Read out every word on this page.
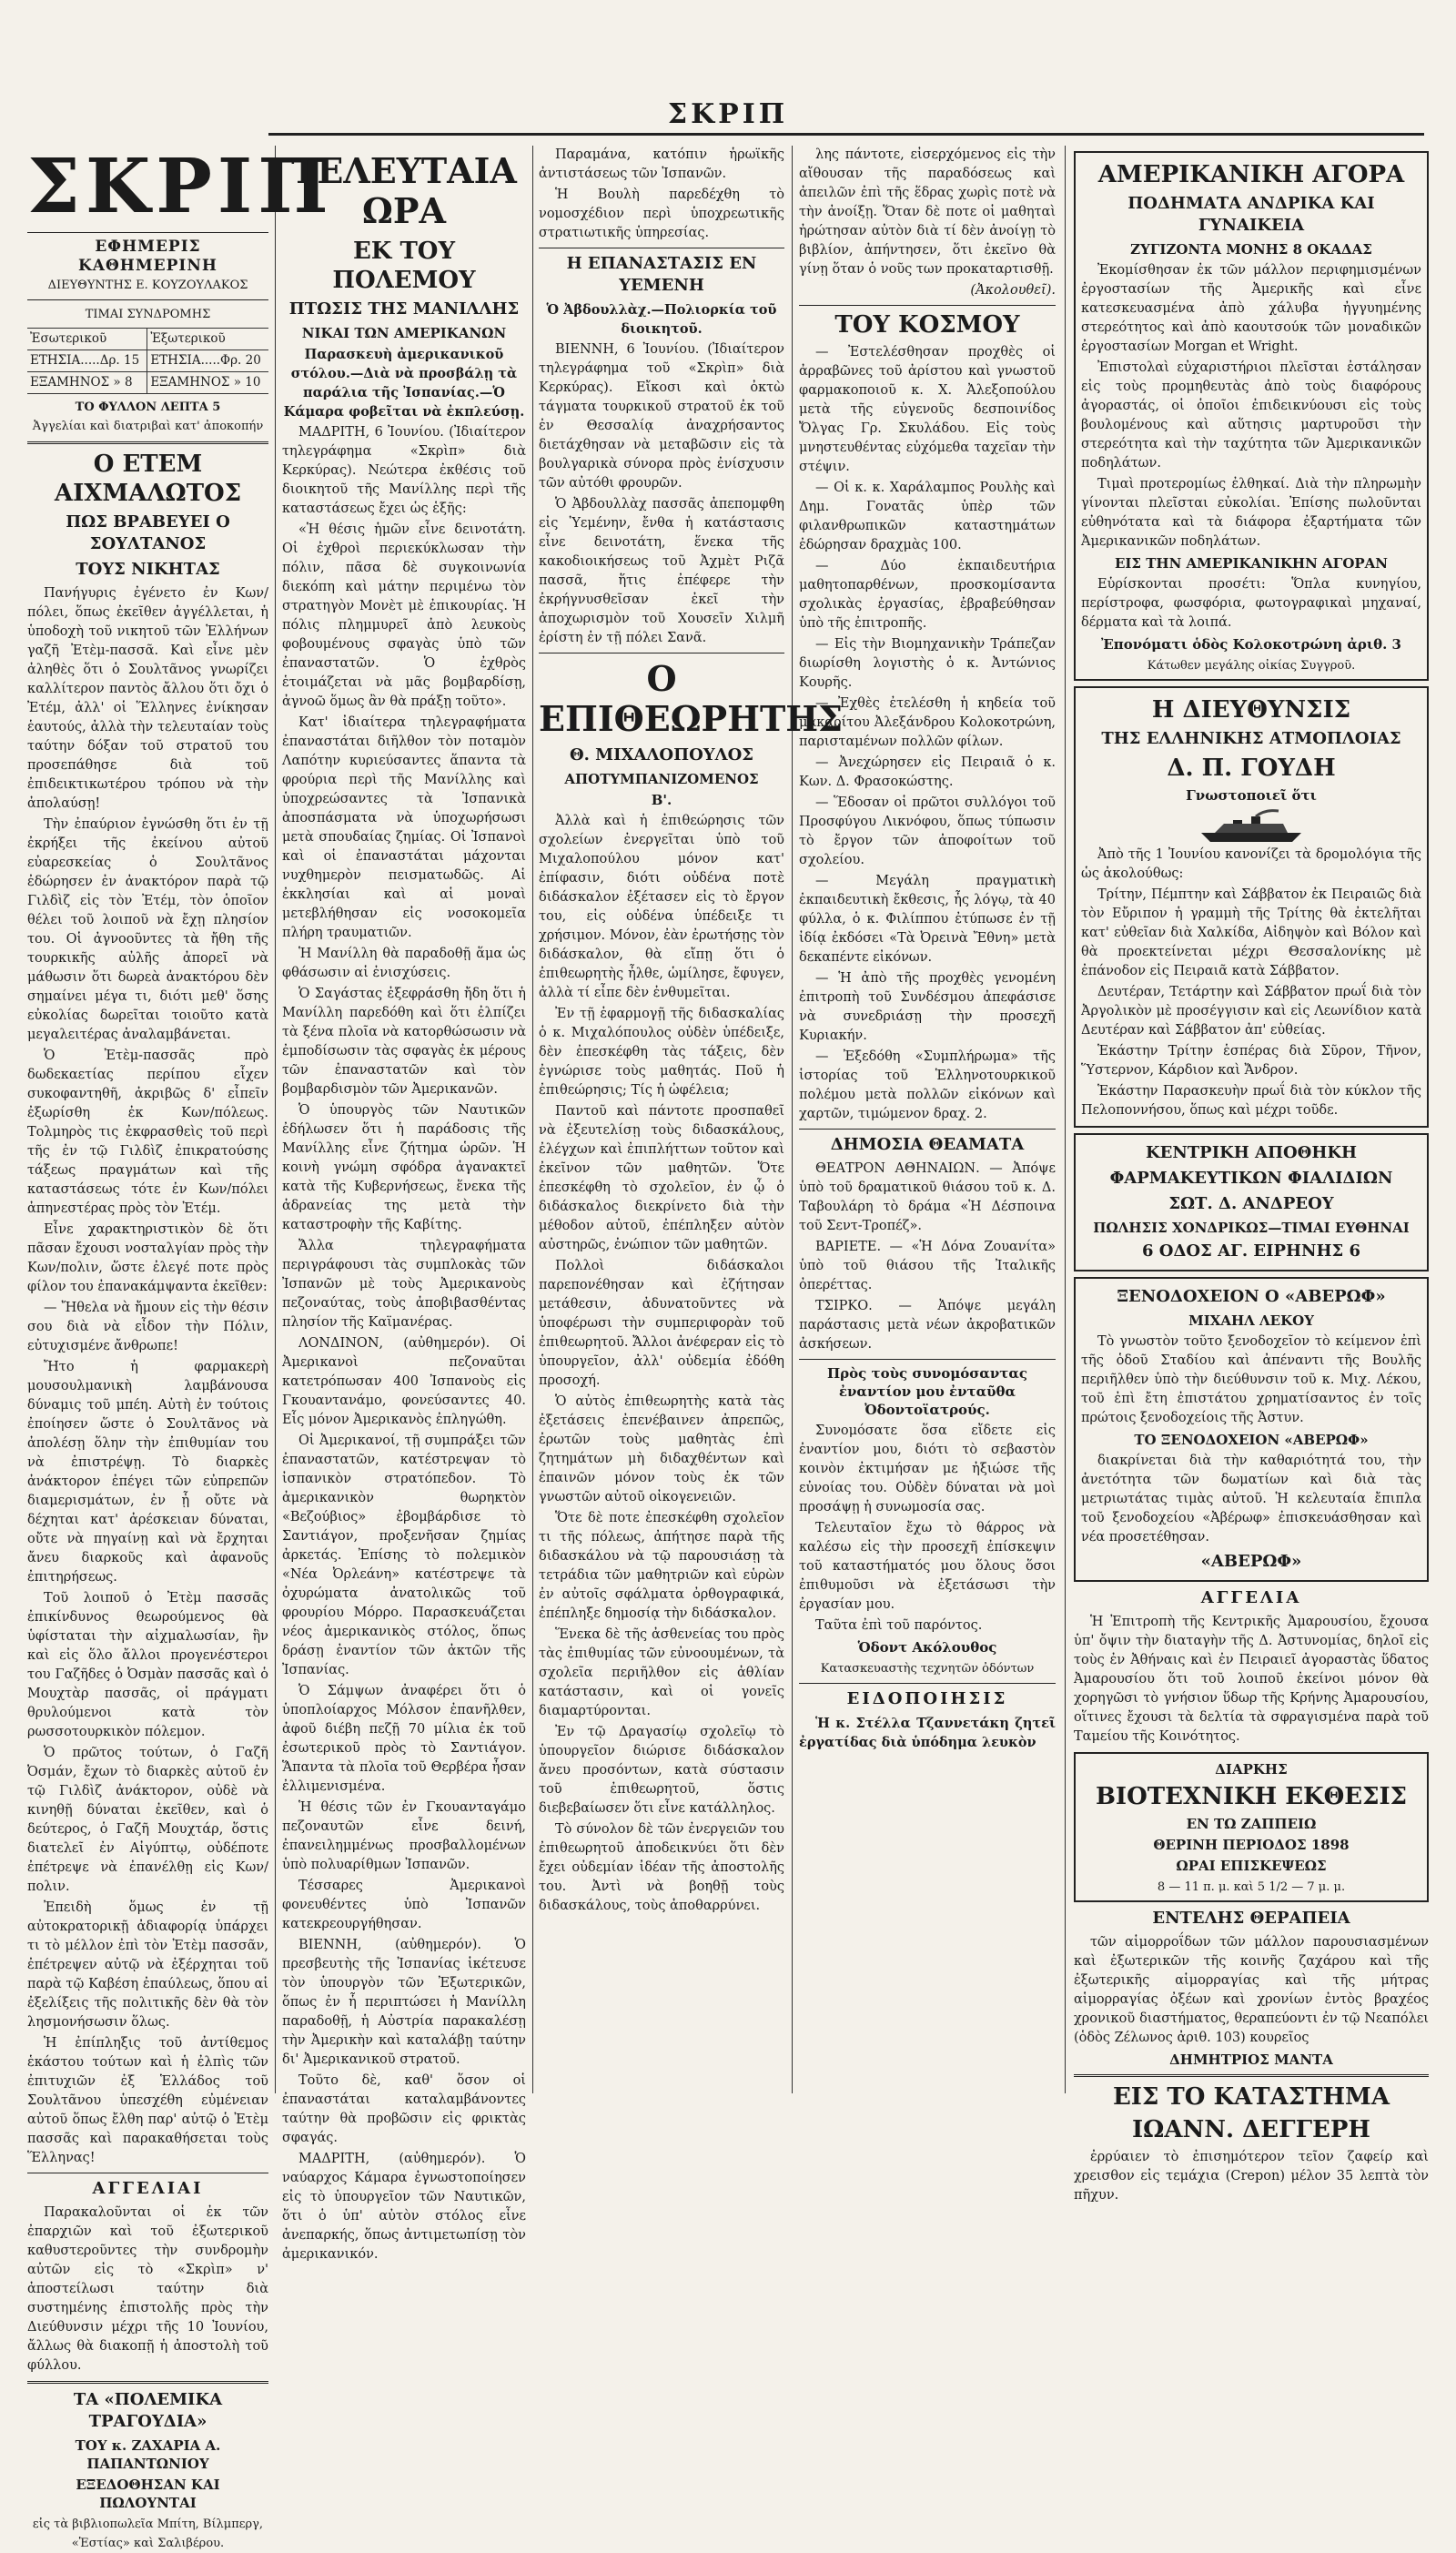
ΣΚΡΙΠ
ΣΚΡΙΠ
ΕΦΗΜΕΡΙΣ ΚΑΘΗΜΕΡΙΝΗ
ΔΙΕΥΘΥΝΤΗΣ Ε. ΚΟΥΖΟΥΛΑΚΟΣ
ΤΙΜΑΙ ΣΥΝΔΡΟΜΗΣ
Ἐσωτερικοῦ	Ἐξωτερικοῦ
ΕΤΗΣΙΑ.....Δρ. 15	ΕΤΗΣΙΑ.....Φρ. 20
ΕΞΑΜΗΝΟΣ » 8	ΕΞΑΜΗΝΟΣ » 10
ΤΟ ΦΥΛΛΟΝ ΛΕΠΤΑ 5
Ἀγγελίαι καὶ διατριβαὶ κατ' ἀποκοπήν
Ο ΕΤΕΜ ΑΙΧΜΑΛΩΤΟΣ
ΠΩΣ ΒΡΑΒΕΥΕΙ Ο ΣΟΥΛΤΑΝΟΣ
ΤΟΥΣ ΝΙΚΗΤΑΣ

Πανήγυρις ἐγένετο ἐν Κων/πόλει, ὅπως ἐκεῖθεν ἀγγέλλεται, ἡ ὑποδοχὴ τοῦ νικητοῦ τῶν Ἑλλήνων γαζῆ Ἐτὲμ-πασσᾶ. Καὶ εἶνε μὲν ἀληθὲς ὅτι ὁ Σουλτᾶνος γνωρίζει καλλίτερον παντὸς ἄλλου ὅτι ὄχι ὁ Ἐτέμ, ἀλλ' οἱ Ἕλληνες ἐνίκησαν ἑαυτούς, ἀλλὰ τὴν τελευταίαν τοὺς ταύτην δόξαν τοῦ στρατοῦ του προσεπάθησε διὰ τοῦ ἐπιδεικτικωτέρου τρόπου νὰ τὴν ἀπολαύσῃ!

Τὴν ἐπαύριον ἐγνώσθη ὅτι ἐν τῇ ἐκρήξει τῆς ἐκείνου αὐτοῦ εὐαρεσκείας ὁ Σουλτᾶνος ἐδώρησεν ἐν ἀνακτόρον παρὰ τῷ Γιλδὶζ εἰς τὸν Ἐτέμ, τὸν ὁποῖον θέλει τοῦ λοιποῦ νὰ ἔχῃ πλησίον του. Οἱ ἀγνοοῦντες τὰ ἤθη τῆς τουρκικῆς αὐλῆς ἀπορεῖ νὰ μάθωσιν ὅτι δωρεὰ ἀνακτόρου δὲν σημαίνει μέγα τι, διότι μεθ' ὅσης εὐκολίας δωρεῖται τοιοῦτο κατὰ μεγαλειτέρας ἀναλαμβάνεται.

Ὁ Ἐτὲμ-πασσᾶς πρὸ δωδεκαετίας περίπου εἶχεν συκοφαντηθῆ, ἀκριβῶς δ' εἶπεῖν ἐξωρίσθη ἐκ Κων/πόλεως. Τολμηρὸς τις ἐκφρασθεὶς τοῦ περὶ τῆς ἐν τῷ Γιλδὶζ ἐπικρατούσης τάξεως πραγμάτων καὶ τῆς καταστάσεως τότε ἐν Κων/πόλει ἀπηνεστέρας πρὸς τὸν Ἐτέμ.

Εἶνε χαρακτηριστικὸν δὲ ὅτι πᾶσαν ἔχουσι νοσταλγίαν πρὸς τὴν Κων/πολιν, ὥστε ἐλεγέ ποτε πρὸς φίλον του ἐπανακάμψαντα ἐκεῖθεν:

— Ἤθελα νὰ ἤμουν εἰς τὴν θέσιν σου διὰ νὰ εἶδον τὴν Πόλιν, εὐτυχισμένε ἄνθρωπε!

Ἤτο ἡ φαρμακερὴ μουσουλμανικὴ λαμβάνουσα δύναμις τοῦ μπέη. Αὐτὴ ἐν τούτοις ἐποίησεν ὥστε ὁ Σουλτᾶνος νὰ ἀπολέσῃ ὅλην τὴν ἐπιθυμίαν του νὰ ἐπιστρέψῃ. Τὸ διαρκὲς ἀνάκτορον ἐπέγει τῶν εὐπρεπῶν διαμερισμάτων, ἐν ᾗ οὔτε νὰ δέχηται κατ' ἀρέσκειαν δύναται, οὔτε νὰ πηγαίνῃ καὶ νὰ ἔρχηται ἄνευ διαρκοῦς καὶ ἀφανοῦς ἐπιτηρήσεως.

Τοῦ λοιποῦ ὁ Ἐτὲμ πασσᾶς ἐπικίνδυνος θεωρούμενος θὰ ὑφίσταται τὴν αἰχμαλωσίαν, ἣν καὶ εἰς ὅλο ἄλλοι προγενέστεροι του Γαζῆδες ὁ Ὀσμὰν πασσᾶς καὶ ὁ Μουχτὰρ πασσᾶς, οἱ πράγματι θρυλούμενοι κατὰ τὸν ρωσσοτουρκικὸν πόλεμον.

Ὁ πρῶτος τούτων, ὁ Γαζῆ Ὀσμάν, ἔχων τὸ διαρκὲς αὐτοῦ ἐν τῷ Γιλδὶζ ἀνάκτορον, οὐδὲ νὰ κινηθῇ δύναται ἐκεῖθεν, καὶ ὁ δεύτερος, ὁ Γαζῆ Μουχτάρ, ὅστις διατελεῖ ἐν Αἰγύπτῳ, οὐδέποτε ἐπέτρεψε νὰ ἐπανέλθῃ εἰς Κων/πολιν.

Ἐπειδὴ ὅμως ἐν τῇ αὐτοκρατορικῇ ἀδιαφορίᾳ ὑπάρχει τι τὸ μέλλον ἐπὶ τὸν Ἐτὲμ πασσᾶν, ἐπέτρεψεν αὐτῷ νὰ ἐξέρχηται τοῦ παρὰ τῷ Καβέση ἐπαύλεως, ὅπου αἱ ἐξελίξεις τῆς πολιτικῆς δὲν θὰ τὸν λησμονήσωσιν ὅλως.

Ἡ ἐπίπληξις τοῦ ἀντίθεμος ἑκάστου τούτων καὶ ἡ ἐλπὶς τῶν ἐπιτυχιῶν ἐξ Ἑλλάδος τοῦ Σουλτᾶνου ὑπεσχέθη εὐμένειαν αὐτοῦ ὅπως ἔλθη παρ' αὐτῷ ὁ Ἐτὲμ πασσᾶς καὶ παρακαθήσεται τοὺς Ἕλληνας!

ΑΓΓΕΛΙΑΙ

Παρακαλοῦνται οἱ ἐκ τῶν ἐπαρχιῶν καὶ τοῦ ἐξωτερικοῦ καθυστεροῦντες τὴν συνδρομὴν αὐτῶν εἰς τὸ «Σκρὶπ» ν' ἀποστείλωσι ταύτην διὰ συστημένης ἐπιστολῆς πρὸς τὴν Διεύθυνσιν μέχρι τῆς 10 Ἰουνίου, ἄλλως θὰ διακοπῇ ἡ ἀποστολὴ τοῦ φύλλου.

ΤΑ «ΠΟΛΕΜΙΚΑ ΤΡΑΓΟΥΔΙΑ»
ΤΟΥ κ. ΖΑΧΑΡΙΑ Α. ΠΑΠΑΝΤΩΝΙΟΥ
ΕΞΕΔΟΘΗΣΑΝ ΚΑΙ ΠΩΛΟΥΝΤΑΙ
εἰς τὰ βιβλιοπωλεῖα Μπίτη, Βίλμπεργ, «Ἑστίας» καὶ Σαλιβέρου.
ΤΕΛΕΥΤΑΙΑ ΩΡΑ
ΕΚ ΤΟΥ ΠΟΛΕΜΟΥ
ΠΤΩΣΙΣ ΤΗΣ ΜΑΝΙΛΛΗΣ
ΝΙΚΑΙ ΤΩΝ ΑΜΕΡΙΚΑΝΩΝ

Παρασκευὴ ἀμερικανικοῦ στόλου.—Διὰ νὰ προσβάλῃ τὰ παράλια τῆς Ἰσπανίας.—Ὁ Κάμαρα φοβεῖται νὰ ἐκπλεύσῃ.

ΜΑΔΡΙΤΗ, 6 Ἰουνίου. (Ἰδιαίτερον τηλεγράφημα «Σκρὶπ» διὰ Κερκύρας). Νεώτερα ἐκθέσις τοῦ διοικητοῦ τῆς Μανίλλης περὶ τῆς καταστάσεως ἔχει ὡς ἑξῆς:

«Ἡ θέσις ἡμῶν εἶνε δεινοτάτη. Οἱ ἐχθροὶ περιεκύκλωσαν τὴν πόλιν, πᾶσα δὲ συγκοινωνία διεκόπη καὶ μάτην περιμένω τὸν στρατηγὸν Μονὲτ μὲ ἐπικουρίας. Ἡ πόλις πλημμυρεῖ ἀπὸ λευκοὺς φοβουμένους σφαγὰς ὑπὸ τῶν ἐπαναστατῶν. Ὁ ἐχθρὸς ἑτοιμάζεται νὰ μᾶς βομβαρδίσῃ, ἀγνοῶ ὅμως ἂν θὰ πράξῃ τοῦτο».

Κατ' ἰδιαίτερα τηλεγραφήματα ἐπαναστάται διῆλθον τὸν ποταμὸν Λαπότην κυριεύσαντες ἅπαντα τὰ φρούρια περὶ τῆς Μανίλλης καὶ ὑποχρεώσαντες τὰ Ἰσπανικὰ ἀποσπάσματα νὰ ὑποχωρήσωσι μετὰ σπουδαίας ζημίας. Οἱ Ἰσπανοὶ καὶ οἱ ἐπαναστάται μάχονται νυχθημερὸν πεισματωδῶς. Αἱ ἐκκλησίαι καὶ αἱ μοναὶ μετεβλήθησαν εἰς νοσοκομεῖα πλήρη τραυματιῶν.

Ἡ Μανίλλη θὰ παραδοθῇ ἅμα ὡς φθάσωσιν αἱ ἐνισχύσεις.

Ὁ Σαγάστας ἐξεφράσθη ἤδη ὅτι ἡ Μανίλλη παρεδόθη καὶ ὅτι ἐλπίζει τὰ ξένα πλοῖα νὰ κατορθώσωσιν νὰ ἐμποδίσωσιν τὰς σφαγὰς ἐκ μέρους τῶν ἐπαναστατῶν καὶ τὸν βομβαρδισμὸν τῶν Ἀμερικανῶν.

Ὁ ὑπουργὸς τῶν Ναυτικῶν ἐδήλωσεν ὅτι ἡ παράδοσις τῆς Μανίλλης εἶνε ζήτημα ὡρῶν. Ἡ κοινὴ γνώμη σφόδρα ἀγανακτεῖ κατὰ τῆς Κυβερνήσεως, ἕνεκα τῆς ἀδρανείας της μετὰ τὴν καταστροφὴν τῆς Καβίτης.

Ἄλλα τηλεγραφήματα περιγράφουσι τὰς συμπλοκὰς τῶν Ἰσπανῶν μὲ τοὺς Ἀμερικανοὺς πεζοναύτας, τοὺς ἀποβιβασθέντας πλησίον τῆς Καϊμανέρας.

ΛΟΝΔΙΝΟΝ, (αὐθημερόν). Οἱ Ἀμερικανοὶ πεζοναῦται κατετρόπωσαν 400 Ἰσπανοὺς εἰς Γκουαντανάμο, φονεύσαντες 40. Εἷς μόνον Ἀμερικανὸς ἐπληγώθη.

Οἱ Ἀμερικανοί, τῇ συμπράξει τῶν ἐπαναστατῶν, κατέστρεψαν τὸ ἰσπανικὸν στρατόπεδον. Τὸ ἀμερικανικὸν θωρηκτὸν «Βεζούβιος» ἐβομβάρδισε τὸ Σαντιάγον, προξενῆσαν ζημίας ἀρκετάς. Ἐπίσης τὸ πολεμικὸν «Νέα Ὀρλεάνη» κατέστρεψε τὰ ὀχυρώματα ἀνατολικῶς τοῦ φρουρίου Μόρρο. Παρασκευάζεται νέος ἀμερικανικὸς στόλος, ὅπως δράσῃ ἐναντίον τῶν ἀκτῶν τῆς Ἰσπανίας.

Ὁ Σάμψων ἀναφέρει ὅτι ὁ ὑποπλοίαρχος Μόλσον ἐπανῆλθεν, ἀφοῦ διέβη πεζῇ 70 μίλια ἐκ τοῦ ἐσωτερικοῦ πρὸς τὸ Σαντιάγον. Ἅπαντα τὰ πλοῖα τοῦ Θερβέρα ἦσαν ἐλλιμενισμένα.

Ἡ θέσις τῶν ἐν Γκουανταγάμο πεζοναυτῶν εἶνε δεινή, ἐπανειλημμένως προσβαλλομένων ὑπὸ πολυαρίθμων Ἰσπανῶν.

Τέσσαρες Ἀμερικανοὶ φονευθέντες ὑπὸ Ἰσπανῶν κατεκρεουργήθησαν.

ΒΙΕΝΝΗ, (αὐθημερόν). Ὁ πρεσβευτὴς τῆς Ἰσπανίας ἱκέτευσε τὸν ὑπουργὸν τῶν Ἐξωτερικῶν, ὅπως ἐν ἧ περιπτώσει ἡ Μανίλλη παραδοθῇ, ἡ Αὐστρία παρακαλέσῃ τὴν Ἀμερικὴν καὶ καταλάβῃ ταύτην δι' Ἀμερικανικοῦ στρατοῦ.

Τοῦτο δὲ, καθ' ὅσον οἱ ἐπαναστάται καταλαμβάνοντες ταύτην θὰ προβῶσιν εἰς φρικτὰς σφαγάς.

ΜΑΔΡΙΤΗ, (αὐθημερόν). Ὁ ναύαρχος Κάμαρα ἐγνωστοποίησεν εἰς τὸ ὑπουργεῖον τῶν Ναυτικῶν, ὅτι ὁ ὑπ' αὐτὸν στόλος εἶνε ἀνεπαρκής, ὅπως ἀντιμετωπίσῃ τὸν ἀμερικανικόν.

Παραμάνα, κατόπιν ἡρωϊκῆς ἀντιστάσεως τῶν Ἰσπανῶν.

Ἡ Βουλὴ παρεδέχθη τὸ νομοσχέδιον περὶ ὑποχρεωτικῆς στρατιωτικῆς ὑπηρεσίας.

Η ΕΠΑΝΑΣΤΑΣΙΣ ΕΝ ΥΕΜΕΝΗ

Ὁ Ἀβδουλλὰχ.—Πολιορκία τοῦ διοικητοῦ.

ΒΙΕΝΝΗ, 6 Ἰουνίου. (Ἰδιαίτερον τηλεγράφημα τοῦ «Σκρὶπ» διὰ Κερκύρας). Εἴκοσι καὶ ὀκτὼ τάγματα τουρκικοῦ στρατοῦ ἐκ τοῦ ἐν Θεσσαλίᾳ ἀναχρήσαντος διετάχθησαν νὰ μεταβῶσιν εἰς τὰ βουλγαρικὰ σύνορα πρὸς ἐνίσχυσιν τῶν αὐτόθι φρουρῶν.

Ὁ Ἀβδουλλὰχ πασσᾶς ἀπεπομφθη εἰς Ὑεμένην, ἔνθα ἡ κατάστασις εἶνε δεινοτάτη, ἕνεκα τῆς κακοδιοικήσεως τοῦ Ἀχμὲτ Ριζᾶ πασσᾶ, ἥτις ἐπέφερε τὴν ἐκρήγνυσθεῖσαν ἐκεῖ τὴν ἀποχωρισμὸν τοῦ Χουσεῖν Χιλμῆ ἐρίστη ἐν τῇ πόλει Σανᾶ.

Ο ΕΠΙΘΕΩΡΗΤΗΣ
Θ. ΜΙΧΑΛΟΠΟΥΛΟΣ
ΑΠΟΤΥΜΠΑΝΙΖΟΜΕΝΟΣ
Β'.

Ἀλλὰ καὶ ἡ ἐπιθεώρησις τῶν σχολείων ἐνεργεῖται ὑπὸ τοῦ Μιχαλοπούλου μόνον κατ' ἐπίφασιν, διότι οὐδένα ποτὲ διδάσκαλον ἐξέτασεν εἰς τὸ ἔργον του, εἰς οὐδένα ὑπέδειξε τι χρήσιμον. Μόνον, ἐὰν ἐρωτήσῃς τὸν διδάσκαλον, θὰ εἴπῃ ὅτι ὁ ἐπιθεωρητὴς ἦλθε, ὡμίλησε, ἔφυγεν, ἀλλὰ τί εἶπε δὲν ἐνθυμεῖται.

Ἐν τῇ ἐφαρμογῇ τῆς διδασκαλίας ὁ κ. Μιχαλόπουλος οὐδὲν ὑπέδειξε, δὲν ἐπεσκέφθη τὰς τάξεις, δὲν ἐγνώρισε τοὺς μαθητάς. Ποῦ ἡ ἐπιθεώρησις; Τίς ἡ ὠφέλεια;

Παντοῦ καὶ πάντοτε προσπαθεῖ νὰ ἐξευτελίσῃ τοὺς διδασκάλους, ἐλέγχων καὶ ἐπιπλήττων τοῦτον καὶ ἐκεῖνον τῶν μαθητῶν. Ὅτε ἐπεσκέφθη τὸ σχολεῖον, ἐν ᾧ ὁ διδάσκαλος διεκρίνετο διὰ τὴν μέθοδον αὐτοῦ, ἐπέπληξεν αὐτὸν αὐστηρῶς, ἐνώπιον τῶν μαθητῶν.

Πολλοὶ διδάσκαλοι παρεπονέθησαν καὶ ἐζήτησαν μετάθεσιν, ἀδυνατοῦντες νὰ ὑποφέρωσι τὴν συμπεριφορὰν τοῦ ἐπιθεωρητοῦ. Ἄλλοι ἀνέφεραν εἰς τὸ ὑπουργεῖον, ἀλλ' οὐδεμία ἐδόθη προσοχή.

Ὁ αὐτὸς ἐπιθεωρητὴς κατὰ τὰς ἐξετάσεις ἐπενέβαινεν ἀπρεπῶς, ἐρωτῶν τοὺς μαθητὰς ἐπὶ ζητημάτων μὴ διδαχθέντων καὶ ἐπαινῶν μόνον τοὺς ἐκ τῶν γνωστῶν αὐτοῦ οἰκογενειῶν.

Ὅτε δὲ ποτε ἐπεσκέφθη σχολεῖον τι τῆς πόλεως, ἀπήτησε παρὰ τῆς διδασκάλου νὰ τῷ παρουσιάσῃ τὰ τετράδια τῶν μαθητριῶν καὶ εὑρὼν ἐν αὐτοῖς σφάλματα ὀρθογραφικά, ἐπέπληξε δημοσίᾳ τὴν διδάσκαλον.

Ἕνεκα δὲ τῆς ἀσθενείας του πρὸς τὰς ἐπιθυμίας τῶν εὐνοουμένων, τὰ σχολεῖα περιῆλθον εἰς ἀθλίαν κατάστασιν, καὶ οἱ γονεῖς διαμαρτύρονται.

Ἐν τῷ Δραγασίῳ σχολεῖῳ τὸ ὑπουργεῖον διώρισε διδάσκαλον ἄνευ προσόντων, κατὰ σύστασιν τοῦ ἐπιθεωρητοῦ, ὅστις διεβεβαίωσεν ὅτι εἶνε κατάλληλος.

Τὸ σύνολον δὲ τῶν ἐνεργειῶν του ἐπιθεωρητοῦ ἀποδεικνύει ὅτι δὲν ἔχει οὐδεμίαν ἰδέαν τῆς ἀποστολῆς του. Ἀντὶ νὰ βοηθῇ τοὺς διδασκάλους, τοὺς ἀποθαρρύνει.

λης πάντοτε, εἰσερχόμενος εἰς τὴν αἴθουσαν τῆς παραδόσεως καὶ ἀπειλῶν ἐπὶ τῆς ἕδρας χωρὶς ποτὲ νὰ τὴν ἀνοίξῃ. Ὅταν δὲ ποτε οἱ μαθηταὶ ἠρώτησαν αὐτὸν διὰ τί δὲν ἀνοίγῃ τὸ βιβλίον, ἀπήντησεν, ὅτι ἐκεῖνο θὰ γίνῃ ὅταν ὁ νοῦς των προκαταρτισθῇ.

(Ἀκολουθεῖ).

ΤΟΥ ΚΟΣΜΟΥ

— Ἐστελέσθησαν προχθὲς οἱ ἀρραβῶνες τοῦ ἀρίστου καὶ γνωστοῦ φαρμακοποιοῦ κ. Χ. Ἀλεξοπούλου μετὰ τῆς εὐγενοῦς δεσποινίδος Ὄλγας Γρ. Σκυλάδου. Εἰς τοὺς μνηστευθέντας εὐχόμεθα ταχεῖαν τὴν στέψιν.

— Οἱ κ. κ. Χαράλαμπος Ρουλὴς καὶ Δημ. Γονατᾶς ὑπὲρ τῶν φιλανθρωπικῶν καταστημάτων ἐδώρησαν δραχμὰς 100.

— Δύο ἐκπαιδευτήρια μαθητοπαρθένων, προσκομίσαντα σχολικὰς ἐργασίας, ἐβραβεύθησαν ὑπὸ τῆς ἐπιτροπῆς.

— Εἰς τὴν Βιομηχανικὴν Τράπεζαν διωρίσθη λογιστὴς ὁ κ. Ἀντώνιος Κουρῆς.

— Ἐχθὲς ἐτελέσθη ἡ κηδεία τοῦ μακαρίτου Ἀλεξάνδρου Κολοκοτρώνη, παρισταμένων πολλῶν φίλων.

— Ἀνεχώρησεν εἰς Πειραιᾶ ὁ κ. Κων. Δ. Φρασοκώστης.

— Ἕδοσαν οἱ πρῶτοι συλλόγοι τοῦ Προσφύγου Λικνόφου, ὅπως τύπωσιν τὸ ἔργον τῶν ἀποφοίτων τοῦ σχολείου.

— Μεγάλη πραγματικὴ ἐκπαιδευτικὴ ἔκθεσις, ἧς λόγῳ, τὰ 40 φύλλα, ὁ κ. Φιλίππου ἐτύπωσε ἐν τῇ ἰδίᾳ ἐκδόσει «Τὰ Ὀρεινὰ Ἔθνη» μετὰ δεκαπέντε εἰκόνων.

— Ἡ ἀπὸ τῆς προχθὲς γενομένη ἐπιτροπὴ τοῦ Συνδέσμου ἀπεφάσισε νὰ συνεδριάσῃ τὴν προσεχῆ Κυριακήν.

— Ἐξεδόθη «Συμπλήρωμα» τῆς ἱστορίας τοῦ Ἑλληνοτουρκικοῦ πολέμου μετὰ πολλῶν εἰκόνων καὶ χαρτῶν, τιμώμενον δραχ. 2.

ΔΗΜΟΣΙΑ ΘΕΑΜΑΤΑ

ΘΕΑΤΡΟΝ ΑΘΗΝΑΙΩΝ. — Ἀπόψε ὑπὸ τοῦ δραματικοῦ θιάσου τοῦ κ. Δ. Ταβουλάρη τὸ δράμα «Ἡ Δέσποινα τοῦ Σεντ-Τροπέζ».

ΒΑΡΙΕΤΕ. — «Ἡ Δόνα Ζουανίτα» ὑπὸ τοῦ θιάσου τῆς Ἰταλικῆς ὀπερέττας.

ΤΣΙΡΚΟ. — Ἀπόψε μεγάλη παράστασις μετὰ νέων ἀκροβατικῶν ἀσκήσεων.

Πρὸς τοὺς συνομόσαντας ἐναντίον μου ἐνταῦθα Ὀδοντοϊατρούς.

Συνομόσατε ὅσα εἴδετε εἰς ἐναντίον μου, διότι τὸ σεβαστὸν κοινὸν ἐκτιμήσαν με ἠξιώσε τῆς εὐνοίας του. Οὐδὲν δύναται νὰ μοὶ προσάψῃ ἡ συνωμοσία σας.

Τελευταῖον ἔχω τὸ θάρρος νὰ καλέσω εἰς τὴν προσεχῆ ἐπίσκεψιν τοῦ καταστήματός μου ὅλους ὅσοι ἐπιθυμοῦσι νὰ ἐξετάσωσι τὴν ἐργασίαν μου.

Ταῦτα ἐπὶ τοῦ παρόντος.

Ὁδοντ Ακόλουθος
Κατασκευαστὴς τεχνητῶν ὀδόντων
ΕΙΔΟΠΟΙΗΣΙΣ

Ἡ κ. Στέλλα Τζαννετάκη ζητεῖ ἐργατίδας διὰ ὑπόδημα λευκὸν

ΑΜΕΡΙΚΑΝΙΚΗ ΑΓΟΡΑ
ΠΟΔΗΜΑΤΑ ΑΝΔΡΙΚΑ ΚΑΙ ΓΥΝΑΙΚΕΙΑ
ΖΥΓΙΖΟΝΤΑ ΜΟΝΗΣ 8 ΟΚΑΔΑΣ

Ἐκομίσθησαν ἐκ τῶν μάλλον περιφημισμένων ἐργοστασίων τῆς Ἀμερικῆς καὶ εἶνε κατεσκευασμένα ἀπὸ χάλυβα ἠγγυημένης στερεότητος καὶ ἀπὸ καουτσούκ τῶν μοναδικῶν ἐργοστασίων Morgan et Wright.

Ἐπιστολαὶ εὐχαριστήριοι πλεῖσται ἐστάλησαν εἰς τοὺς προμηθευτὰς ἀπὸ τοὺς διαφόρους ἀγοραστάς, οἱ ὁποῖοι ἐπιδεικνύουσι εἰς τοὺς βουλομένους καὶ αὕτησις μαρτυροῦσι τὴν στερεότητα καὶ τὴν ταχύτητα τῶν Ἀμερικανικῶν ποδηλάτων.

Τιμαὶ προτερομίως ἐλθηκαί. Διὰ τὴν πληρωμὴν γίνονται πλεῖσται εὐκολίαι. Ἐπίσης πωλοῦνται εὐθηνότατα καὶ τὰ διάφορα ἐξαρτήματα τῶν Ἀμερικανικῶν ποδηλάτων.

ΕΙΣ ΤΗΝ ΑΜΕΡΙΚΑΝΙΚΗΝ ΑΓΟΡΑΝ

Εὑρίσκονται προσέτι: Ὅπλα κυνηγίου, περίστροφα, φωσφόρια, φωτογραφικαὶ μηχαναί, δέρματα καὶ τὰ λοιπά.

Ἐπονόματι ὁδὸς Κολοκοτρώνη ἀριθ. 3
Κάτωθεν μεγάλης οἰκίας Συγγροῦ.
Η ΔΙΕΥΘΥΝΣΙΣ
ΤΗΣ ΕΛΛΗΝΙΚΗΣ ΑΤΜΟΠΛΟΙΑΣ
Δ. Π. ΓΟΥΔΗ
Γνωστοποιεῖ ὅτι

Ἀπὸ τῆς 1 Ἰουνίου κανονίζει τὰ δρομολόγια τῆς ὡς ἀκολούθως:

Τρίτην, Πέμπτην καὶ Σάββατον ἐκ Πειραιῶς διὰ τὸν Εὔριπον ἡ γραμμὴ τῆς Τρίτης θὰ ἐκτελῆται κατ' εὐθεῖαν διὰ Χαλκίδα, Αἰδηψὸν καὶ Βόλον καὶ θὰ προεκτείνεται μέχρι Θεσσαλονίκης μὲ ἐπάνοδον εἰς Πειραιᾶ κατὰ Σάββατον.

Δευτέραν, Τετάρτην καὶ Σάββατον πρωΐ διὰ τὸν Ἀργολικὸν μὲ προσέγγισιν καὶ εἰς Λεωνίδιον κατὰ Δευτέραν καὶ Σάββατον ἀπ' εὐθείας.

Ἑκάστην Τρίτην ἑσπέρας διὰ Σῦρον, Τῆνον, Ὕστερνον, Κάρδιον καὶ Ἄνδρον.

Ἑκάστην Παρασκευὴν πρωΐ διὰ τὸν κύκλον τῆς Πελοποννήσου, ὅπως καὶ μέχρι τοῦδε.

ΚΕΝΤΡΙΚΗ ΑΠΟΘΗΚΗ
ΦΑΡΜΑΚΕΥΤΙΚΩΝ ΦΙΑΛΙΔΙΩΝ
ΣΩΤ. Δ. ΑΝΔΡΕΟΥ
ΠΩΛΗΣΙΣ ΧΟΝΔΡΙΚΩΣ—ΤΙΜΑΙ ΕΥΘΗΝΑΙ
6 ΟΔΟΣ ΑΓ. ΕΙΡΗΝΗΣ 6
ΞΕΝΟΔΟΧΕΙΟΝ Ο «ΑΒΕΡΩΦ»
ΜΙΧΑΗΛ ΛΕΚΟΥ

Τὸ γνωστὸν τοῦτο ξενοδοχεῖον τὸ κείμενον ἐπὶ τῆς ὁδοῦ Σταδίου καὶ ἀπέναντι τῆς Βουλῆς περιῆλθεν ὑπὸ τὴν διεύθυνσιν τοῦ κ. Μιχ. Λέκου, τοῦ ἐπὶ ἔτη ἐπιστάτου χρηματίσαντος ἐν τοῖς πρώτοις ξενοδοχείοις τῆς Ἀστυν.

ΤΟ ΞΕΝΟΔΟΧΕΙΟΝ «ΑΒΕΡΩΦ»

διακρίνεται διὰ τὴν καθαριότητά του, τὴν ἀνετότητα τῶν δωματίων καὶ διὰ τὰς μετριωτάτας τιμὰς αὐτοῦ. Ἡ κελευταία ἔπιπλα τοῦ ξενοδοχείου «Ἀβέρωφ» ἐπισκευάσθησαν καὶ νέα προσετέθησαν.

«ΑΒΕΡΩΦ»
ΑΓΓΕΛΙΑ

Ἡ Ἐπιτροπὴ τῆς Κεντρικῆς Ἀμαρουσίου, ἔχουσα ὑπ' ὄψιν τὴν διαταγὴν τῆς Δ. Ἀστυνομίας, δηλοῖ εἰς τοὺς ἐν Ἀθήναις καὶ ἐν Πειραιεῖ ἀγοραστὰς ὕδατος Ἀμαρουσίου ὅτι τοῦ λοιποῦ ἐκείνοι μόνον θὰ χορηγῶσι τὸ γνήσιον ὕδωρ τῆς Κρήνης Ἀμαρουσίου, οἵτινες ἔχουσι τὰ δελτία τὰ σφραγισμένα παρὰ τοῦ Ταμείου τῆς Κοινότητος.

ΔΙΑΡΚΗΣ
ΒΙΟΤΕΧΝΙΚΗ ΕΚΘΕΣΙΣ
ΕΝ ΤΩ ΖΑΠΠΕΙΩ
ΘΕΡΙΝΗ ΠΕΡΙΟΔΟΣ 1898
ΩΡΑΙ ΕΠΙΣΚΕΨΕΩΣ
8 — 11 π. μ. καὶ 5 1/2 — 7 μ. μ.
ΕΝΤΕΛΗΣ ΘΕΡΑΠΕΙΑ

τῶν αἱμορροΐδων τῶν μάλλον παρουσιασμένων καὶ ἐξωτερικῶν τῆς κοινῆς ζαχάρου καὶ τῆς ἐξωτερικῆς αἱμορραγίας καὶ τῆς μήτρας αἱμορραγίας ὀξέων καὶ χρονίων ἐντὸς βραχέος χρονικοῦ διαστήματος, θεραπεύοντι ἐν τῷ Νεαπόλει (ὁδὸς Ζέλωνος ἀριθ. 103) κουρεῖος

ΔΗΜΗΤΡΙΟΣ ΜΑΝΤΑ
ΕΙΣ ΤΟ ΚΑΤΑΣΤΗΜΑ
ΙΩΑΝΝ. ΔΕΓΓΕΡΗ

ἐρρύαιεν τὸ ἐπισημότερον τεῖον ζαφείρ καὶ χρεισθον εἰς τεμάχια (Crepon) μέλον 35 λεπτὰ τὸν πῆχυν.
